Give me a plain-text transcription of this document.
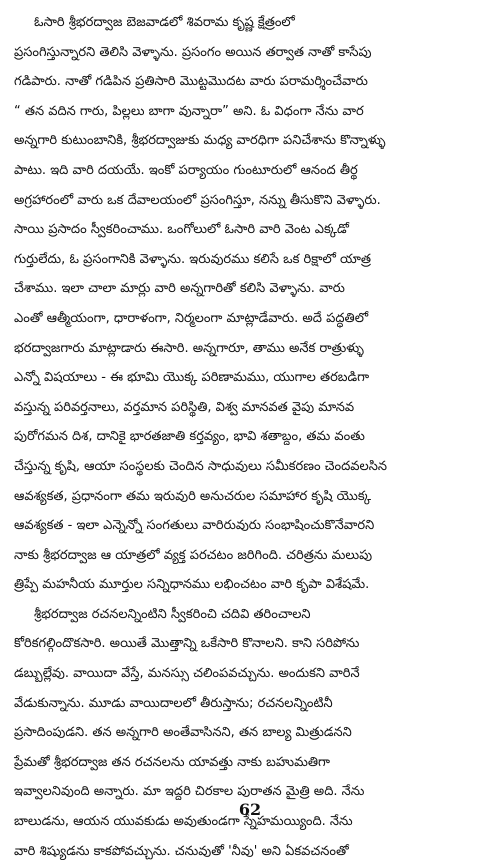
ఓసారి శ్రీభరద్వాజ బెజవాడలో శివరామ కృష్ణ క్షేత్రంలో
ప్రసంగిస్తున్నారని తెలిసి వెళ్ళాను. ప్రసంగం అయిన తర్వాత నాతో కాసేపు
గడిపారు. నాతో గడిపిన ప్రతిసారి మొట్టమొదట వారు పరామర్శించేవారు
“ తన వదిన గారు, పిల్లలు బాగా వున్నారా” అని. ఓ విధంగా నేను వార
అన్నగారి కుటుంబానికి, శ్రీభరద్వాజుకు మధ్య వారధిగా పనిచేశాను కొన్నాళ్ళు
పాటు. ఇది వారి దయయే. ఇంకో పర్యాయం గుంటూరులో ఆనంద తీర్థ
అగ్రహారంలో వారు ఒక దేవాలయంలో ప్రసంగిస్తూ, నన్ను తీసుకొని వెళ్ళారు.
సాయి ప్రసాదం స్వీకరించాము. ఒంగోలులో ఓసారి వారి వెంట ఎక్కడో
గుర్తులేదు, ఓ ప్రసంగానికి వెళ్ళాను. ఇరువురము కలిసే ఒక రిక్షాలో యాత్ర
చేశాము. ఇలా చాలా మార్లు వారి అన్నగారితో కలిసి వెళ్ళాను. వారు
ఎంతో ఆత్మీయంగా, ధారాళంగా, నిర్మలంగా మాట్లాడేవారు. అదే పద్ధతిలో
భరద్వాజగారు మాట్లాడారు ఈసారి. అన్నగారూ, తాము అనేక రాత్రుళ్ళు
ఎన్నో విషయాలు - ఈ భూమి యొక్క పరిణామము, యుగాల తరబడిగా
వస్తున్న పరివర్తనాలు, వర్తమాన పరిస్థితి, విశ్వ మానవత వైపు మానవ
పురోగమన దిశ, దానికై భారతజాతి కర్తవ్యం, భావి శతాబ్దం, తమ వంతు
చేస్తున్న కృషి, ఆయా సంస్థలకు చెందిన సాధువులు సమీకరణం చెందవలసిన
ఆవశ్యకత, ప్రధానంగా తమ ఇరువురి అనుచరుల సమాహార కృషి యొక్క
ఆవశ్యకత - ఇలా ఎన్నెన్నో సంగతులు వారిరువురు సంభాషించుకొనేవారని
నాకు శ్రీభరద్వాజ ఆ యాత్రలో వ్యక్త పరచటం జరిగింది. చరిత్రను మలుపు
త్రిప్పే మహనీయ మూర్తుల సన్నిధానము లభించటం వారి కృపా విశేషమే.
శ్రీభరద్వాజ రచనలన్నింటిని స్వీకరించి చదివి తరించాలని
కోరికగల్గిందొకసారి. అయితే మొత్తాన్ని ఒకేసారి కొనాలని. కాని సరిపోను
డబ్బుల్లేవు. వాయిదా వేస్తే, మనస్సు చలింపవచ్చును. అందుకని వారినే
వేడుకున్నాను. మూడు వాయిదాలలో తీరుస్తాను; రచనలన్నింటినీ
ప్రసాదింపుడని. తన అన్నగారి అంతేవాసినని, తన బాల్య మిత్రుడనని
ప్రేమతో శ్రీభరద్వాజ తన రచనలను యావత్తు నాకు బహుమతిగా
ఇవ్వాలనివుంది అన్నారు. మా ఇద్దరి చిరకాల పురాతన మైత్రి అది. నేను
బాలుడను, ఆయన యువకుడు అవుతుండగా స్నేహమయ్యింది. నేను
వారి శిష్యుడను కాకపోవచ్చును. చనువుతో 'నీవు' అని ఏకవచనంతో
62
